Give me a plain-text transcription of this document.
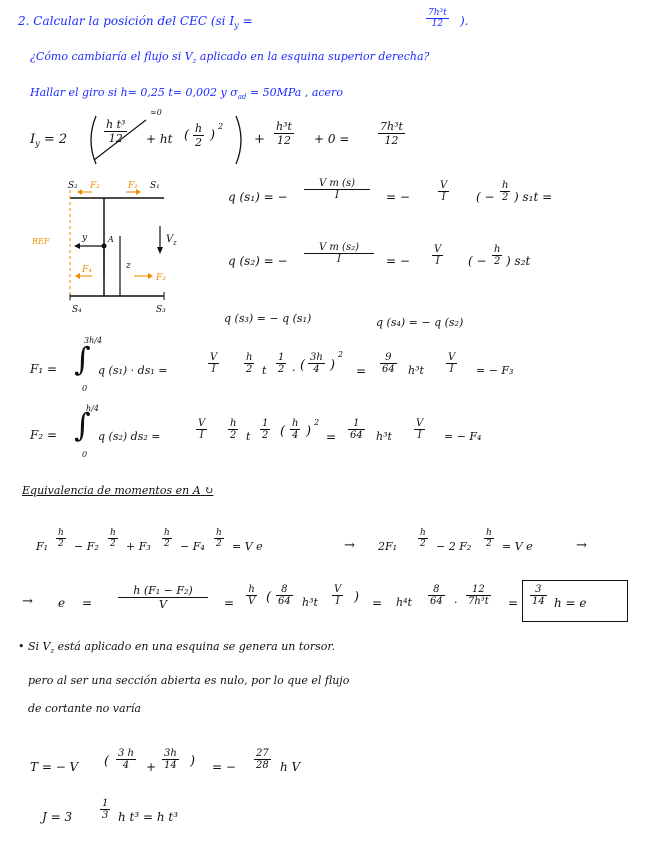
2. Calcular la posición del CEC (si $I_y$ =	$\frac{\text{7h³t}}{12}$ ).
¿Cómo cambiaría el flujo si $V_z$ aplicado en la esquina superior derecha?
Hallar el giro si h= 0,25 t= 0,002 y $\sigma_{ad} = 50MPa$ , acero
$I_y = 2$	$\frac{\text{h t³}}{12}$
≈0
+ ht ( $\frac{h}{2}$ )
2
+ $\frac{\text{h³t}}{12} + 0$ =	$\frac{\text{7h³t}}{12}$
S₂ F₂	F₁ S₁
REF	y	A	V z
z
F₄
F₃
S₄	S₃
q (s₁) = − $\frac{\text{V m (s)}}{I}$ = −	$\frac{V}{I}$ ( − $\frac{h}{2}$ ) s₁t =
q (s₂) = − $\frac{\text{V m (s₂)}}{I}$ = − $\frac{V}{I}$ ( − $\frac{h}{2}$ ) s₂t
q (s₃) = − q (s₁)	q (s₄) = − q (s₂)
F₁ = ∫
3h/4
0
q (s₁) · ds₁ =	$\frac{V}{I} \frac{h}{2}$ t $\frac{1}{2}$ · ( $\frac{3h}{4}$ )
2
= $\frac{9}{64} h^3t \frac{V}{I}$ = − F₃
F₂ = ∫
h/4
0
q (s₂) ds₂ =	$\frac{V}{I} \frac{h}{2}$ t $\frac{1}{2}$ ( $\frac{h}{4}$ )
2
= $\frac{1}{64} h^3t \frac{V}{I}$ = − F₄
Equivalencia de momentos en A ↻
$F_1 \frac{h}{2} - F_2 \frac{h}{2} + F_3 \frac{h}{2} - F_4 \frac{h}{2} = V$ e	→ $2F_1 \frac{h}{2} - 2$ $F_2 \frac{h}{2} = V$ e	→
→ $e = \frac{\text{h (F₁ − F₂)}}{V} = \frac{h}{V}$ ( $\frac{8}{64} h^3t \frac{V}{I}$ ) = $h^4t \frac{8}{64} \cdot \frac{12}{\text{7h³t}} = \frac{3}{14}$ h = e
• Si $V_z$ está aplicado en una esquina se genera un torsor.
pero al ser una sección abierta es nulo, por lo que el flujo
de cortante no varía
T = − V ( $\frac{3 h}{4} + \frac{3h}{14}$ ) = − $\frac{27}{28}$ h V
J = 3	$\frac{1}{3}$ h t³ = h t³
